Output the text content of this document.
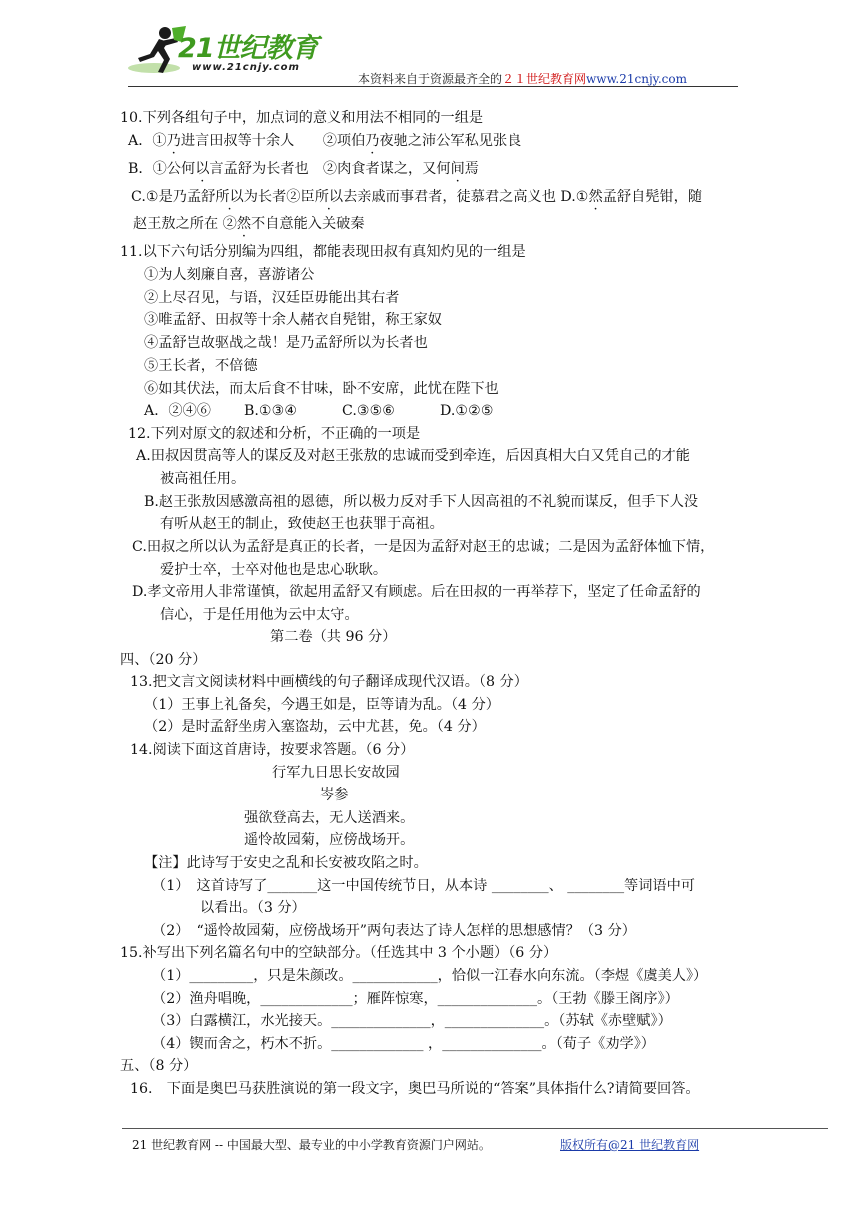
21世纪教育
www.21cnjy.com
本资料来自于资源最齐全的２１世纪教育网www.21cnjy.com
10.下列各组句子中，加点词的意义和用法不相同的一组是
A．①乃进言田叔等十余人　　②项伯乃夜驰之沛公军私见张良
B．①公何以言孟舒为长者也　②肉食者谋之，又何间焉
C.①是乃孟舒所以为长者②臣所以去亲戚而事君者，徒慕君之高义也 D.①然孟舒自髡钳，随
赵王敖之所在 ②然不自意能入关破秦
11.以下六句话分别编为四组，都能表现田叔有真知灼见的一组是
①为人刻廉自喜，喜游诸公
②上尽召见，与语，汉廷臣毋能出其右者
③唯孟舒、田叔等十余人赭衣自髡钳，称王家奴
④孟舒岂故驱战之哉！是乃孟舒所以为长者也
⑤王长者，不倍德
⑥如其伏法，而太后食不甘味，卧不安席，此忧在陛下也
A．②④⑥ B.①③④	C.③⑤⑥	D.①②⑤
12.下列对原文的叙述和分析，不正确的一项是
A.田叔因贯高等人的谋反及对赵王张敖的忠诚而受到牵连，后因真相大白又凭自己的才能
被高祖任用。
B.赵王张敖因感激高祖的恩德，所以极力反对手下人因高祖的不礼貌而谋反，但手下人没
有听从赵王的制止，致使赵王也获罪于高祖。
C.田叔之所以认为孟舒是真正的长者，一是因为孟舒对赵王的忠诚；二是因为孟舒体恤下情，
爱护士卒，士卒对他也是忠心耿耿。
D.孝文帝用人非常谨慎，欲起用孟舒又有顾虑。后在田叔的一再举荐下，坚定了任命孟舒的
信心，于是任用他为云中太守。
第二卷（共 96 分）
四、（20 分）
13.把文言文阅读材料中画横线的句子翻译成现代汉语。（8 分）
（1）王事上礼备矣，今遇王如是，臣等请为乱。（4 分）
（2）是时孟舒坐虏入塞盗劫，云中尤甚，免。（4 分）
14.阅读下面这首唐诗，按要求答题。（6 分）
行军九日思长安故园
岑参
强欲登高去，无人送酒来。
遥怜故园菊，应傍战场开。
【注】此诗写于安史之乱和长安被攻陷之时。
（1）　这首诗写了_______这一中国传统节日，从本诗 ________、 ________等词语中可
以看出。（3 分）
（2）　“遥怜故园菊，应傍战场开”两句表达了诗人怎样的思想感情？（3 分）
15.补写出下列名篇名句中的空缺部分。（任选其中 3 个小题）（6 分）
（1）_________，只是朱颜改。____________，恰似一江春水向东流。（李煜《虞美人》）
（2）渔舟唱晚，_____________；雁阵惊寒，______________。（王勃《滕王阁序》）
（3）白露横江，水光接天。______________，______________。（苏轼《赤壁赋》）
（4）锲而舍之，朽木不折。_____________ ，______________。（荀子《劝学》）
五、（8 分）
16.　下面是奥巴马获胜演说的第一段文字，奥巴马所说的“答案”具体指什么?请简要回答。
21 世纪教育网 -- 中国最大型、最专业的中小学教育资源门户网站。	版权所有@21 世纪教育网
